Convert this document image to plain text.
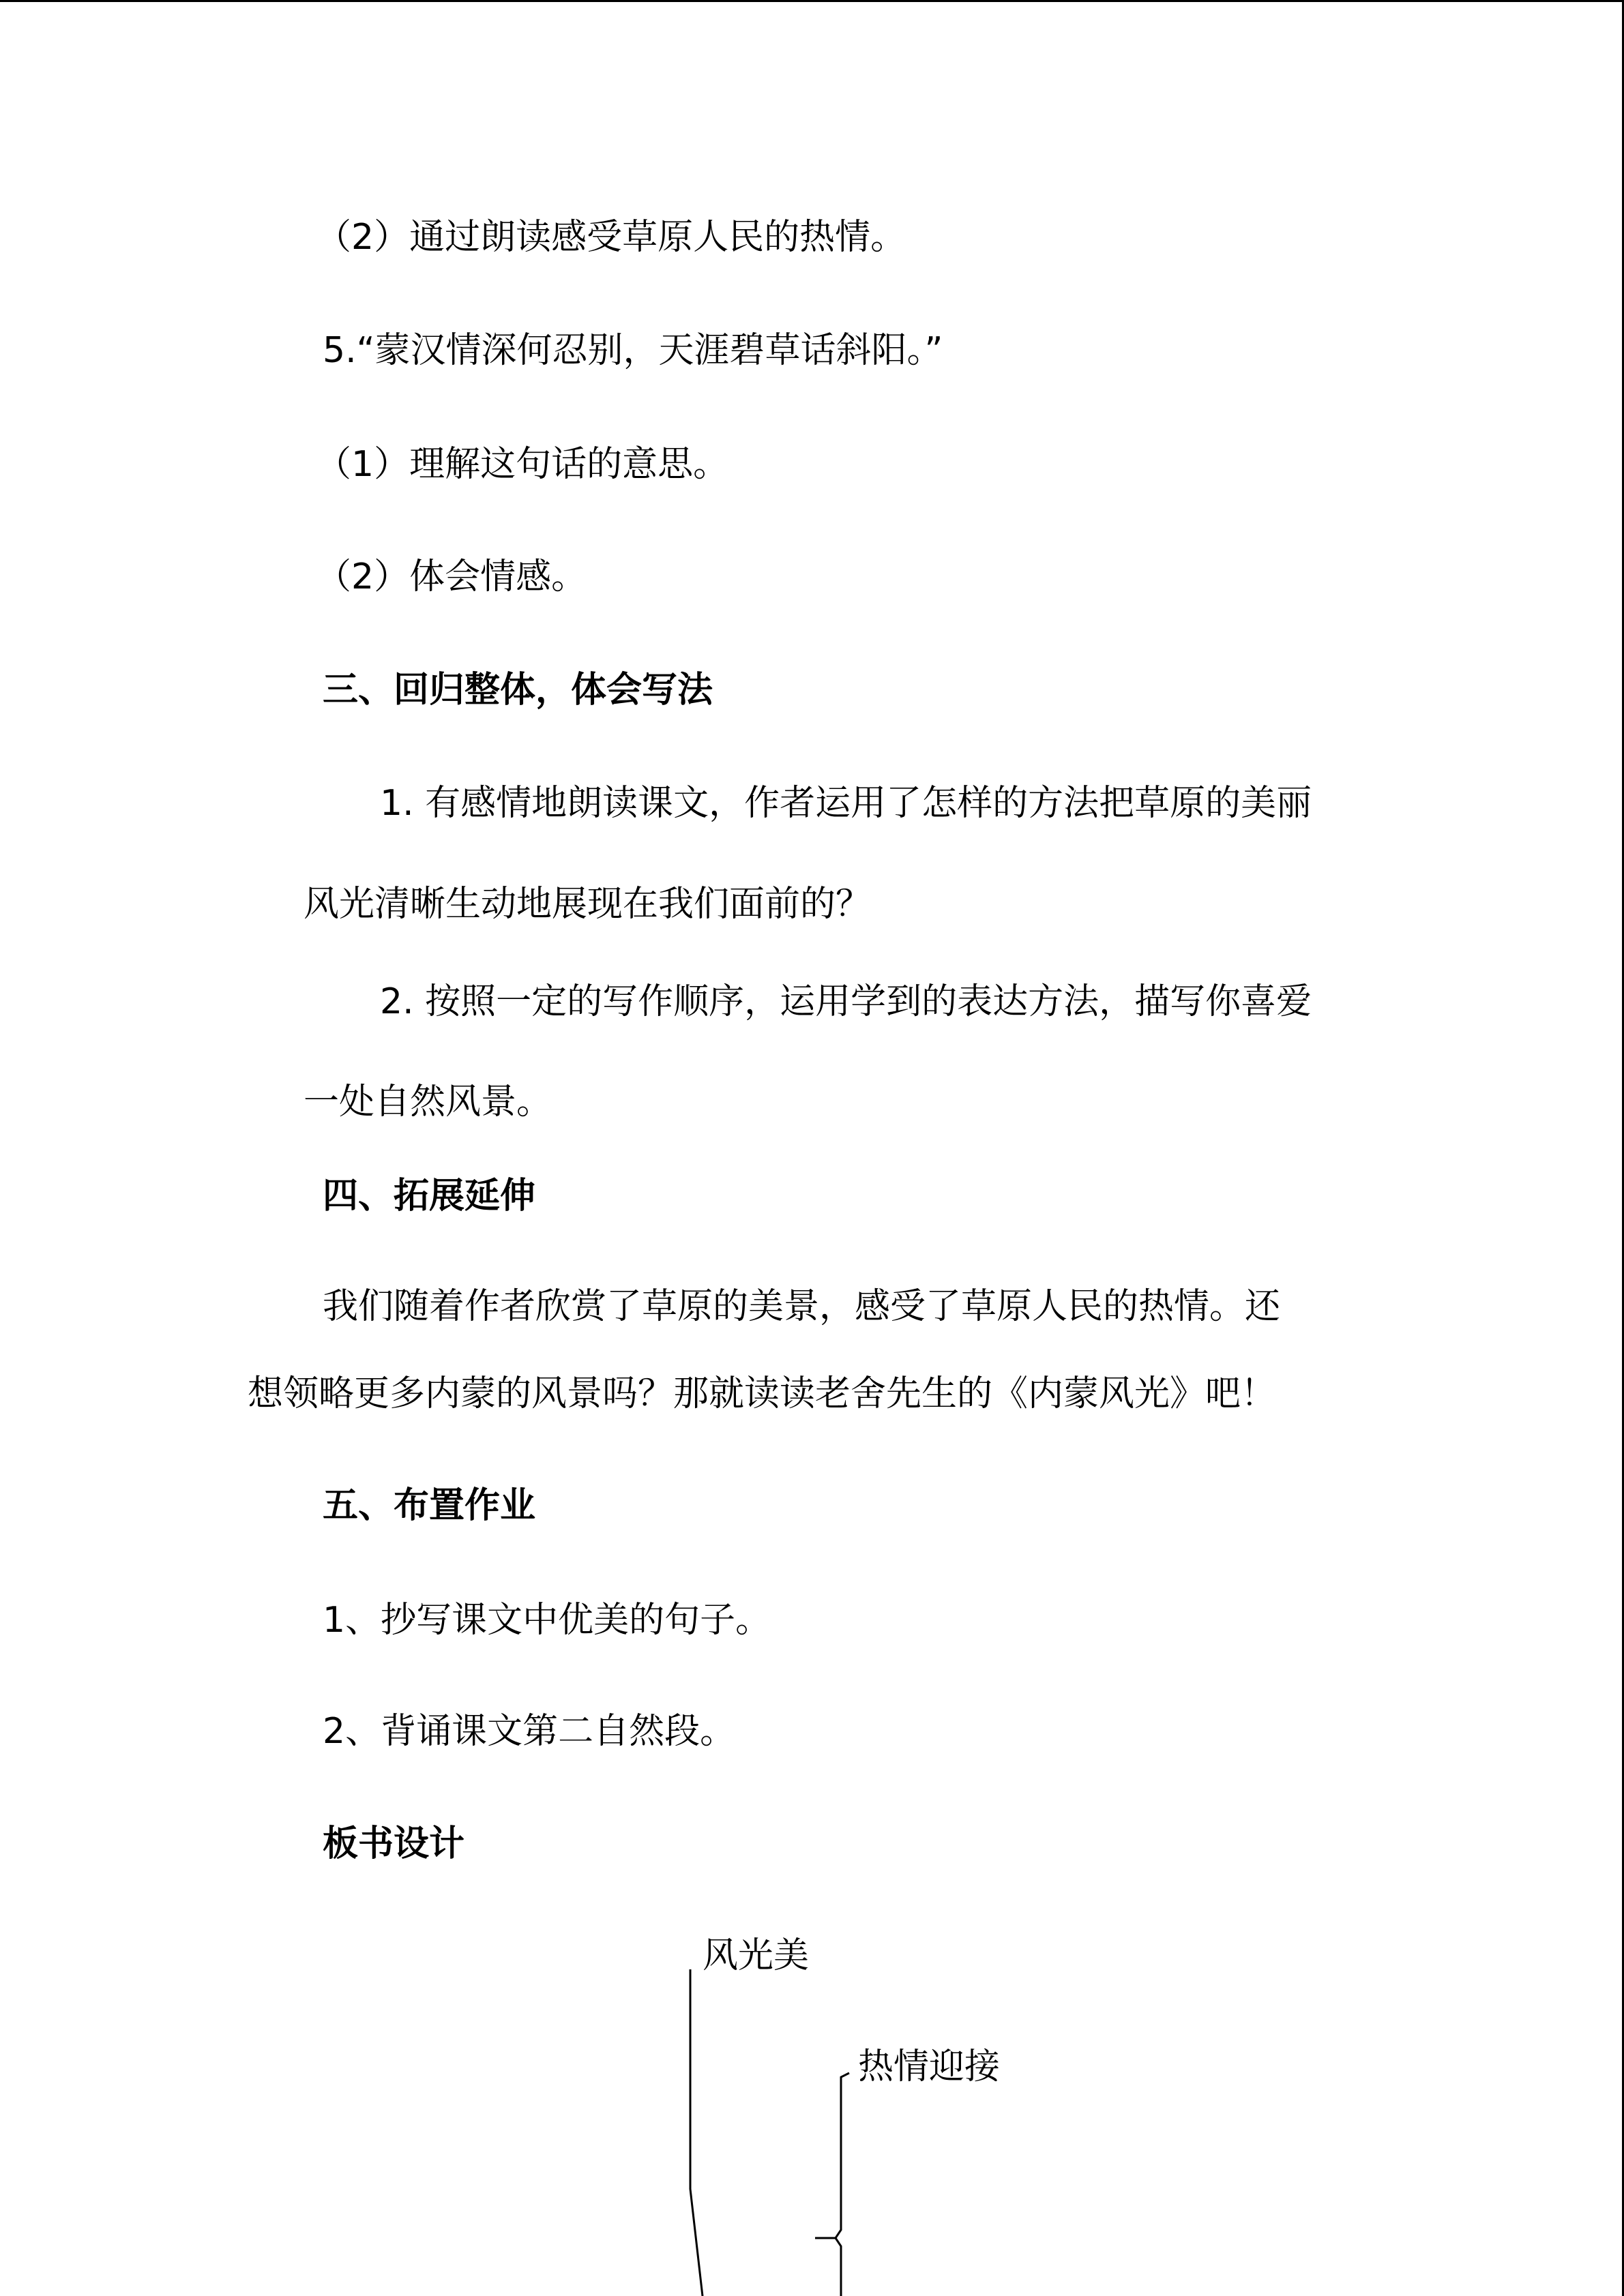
（2）通过朗读感受草原人民的热情。
5.“蒙汉情深何忍别，天涯碧草话斜阳。”
（1）理解这句话的意思。
（2）体会情感。
三、回归整体，体会写法
1. 有感情地朗读课文，作者运用了怎样的方法把草原的美丽
风光清晰生动地展现在我们面前的？
2. 按照一定的写作顺序，运用学到的表达方法，描写你喜爱
一处自然风景。
四、拓展延伸
我们随着作者欣赏了草原的美景，感受了草原人民的热情。还
想领略更多内蒙的风景吗？那就读读老舍先生的《内蒙风光》吧！
五、布置作业
1、抄写课文中优美的句子。
2、背诵课文第二自然段。
板书设计
风光美
热情迎接
